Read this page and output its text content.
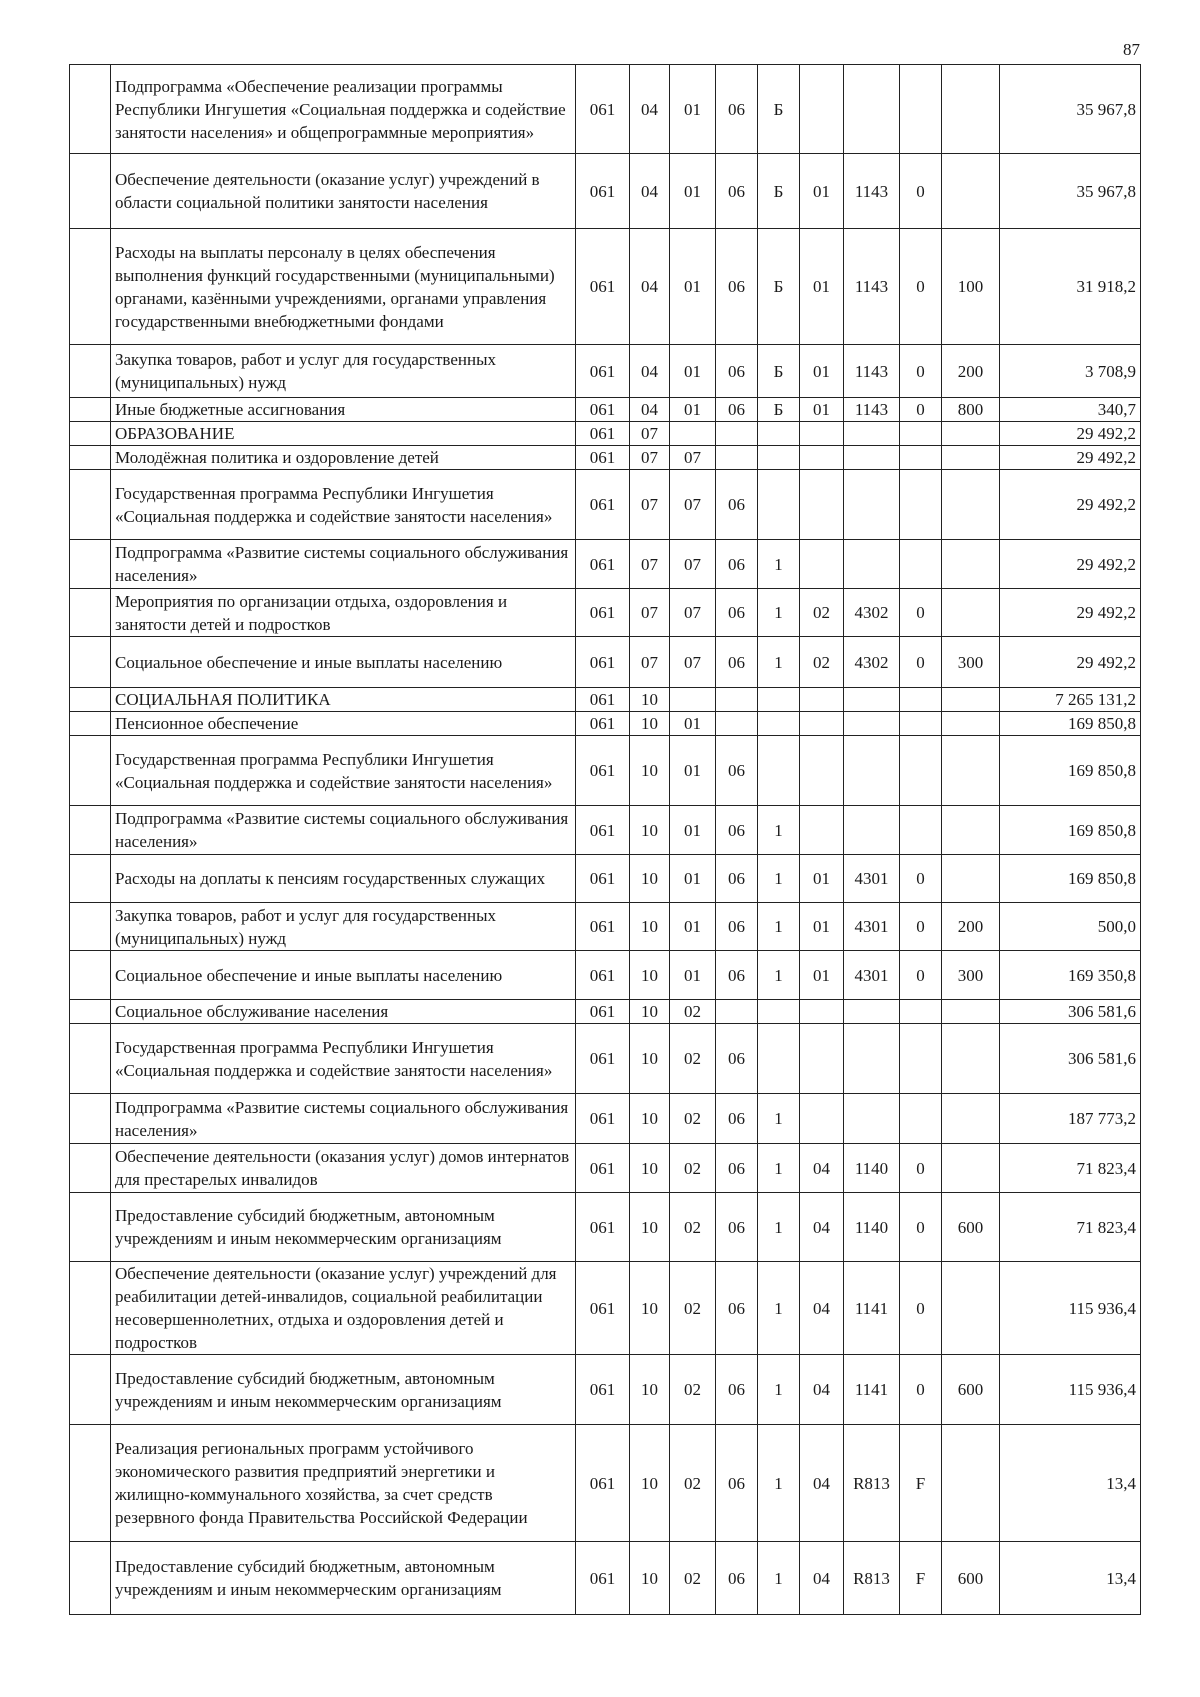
87
	Подпрограмма «Обеспечение реализации программы Республики Ингушетия «Социальная поддержка и содействие занятости населения» и общепрограммные мероприятия»	061	04	01	06	Б					35 967,8
	Обеспечение деятельности (оказание услуг) учреждений в области социальной политики занятости населения	061	04	01	06	Б	01	1143	0		35 967,8
	Расходы на выплаты персоналу в целях обеспечения выполнения функций государственными (муниципальными) органами, казёнными учреждениями, органами управления государственными внебюджетными фондами	061	04	01	06	Б	01	1143	0	100	31 918,2
	Закупка товаров, работ и услуг для государственных (муниципальных) нужд	061	04	01	06	Б	01	1143	0	200	3 708,9
	Иные бюджетные ассигнования	061	04	01	06	Б	01	1143	0	800	340,7
	ОБРАЗОВАНИЕ	061	07								29 492,2
	Молодёжная политика и оздоровление детей	061	07	07							29 492,2
	Государственная программа Республики Ингушетия «Социальная поддержка и содействие занятости населения»	061	07	07	06						29 492,2
	Подпрограмма «Развитие системы социального обслуживания населения»	061	07	07	06	1					29 492,2
	Мероприятия по организации отдыха, оздоровления и занятости детей и подростков	061	07	07	06	1	02	4302	0		29 492,2
	Социальное обеспечение и иные выплаты населению	061	07	07	06	1	02	4302	0	300	29 492,2
	СОЦИАЛЬНАЯ ПОЛИТИКА	061	10								7 265 131,2
	Пенсионное обеспечение	061	10	01							169 850,8
	Государственная программа Республики Ингушетия «Социальная поддержка и содействие занятости населения»	061	10	01	06						169 850,8
	Подпрограмма «Развитие системы социального обслуживания населения»	061	10	01	06	1					169 850,8
	Расходы на доплаты к пенсиям государственных служащих	061	10	01	06	1	01	4301	0		169 850,8
	Закупка товаров, работ и услуг для государственных (муниципальных) нужд	061	10	01	06	1	01	4301	0	200	500,0
	Социальное обеспечение и иные выплаты населению	061	10	01	06	1	01	4301	0	300	169 350,8
	Социальное обслуживание населения	061	10	02							306 581,6
	Государственная программа Республики Ингушетия «Социальная поддержка и содействие занятости населения»	061	10	02	06						306 581,6
	Подпрограмма «Развитие системы социального обслуживания населения»	061	10	02	06	1					187 773,2
	Обеспечение деятельности (оказания услуг) домов интернатов для престарелых инвалидов	061	10	02	06	1	04	1140	0		71 823,4
	Предоставление субсидий бюджетным, автономным учреждениям и иным некоммерческим организациям	061	10	02	06	1	04	1140	0	600	71 823,4
	Обеспечение деятельности (оказание услуг) учреждений для реабилитации детей-инвалидов, социальной реабилитации несовершеннолетних, отдыха и оздоровления детей и подростков	061	10	02	06	1	04	1141	0		115 936,4
	Предоставление субсидий бюджетным, автономным учреждениям и иным некоммерческим организациям	061	10	02	06	1	04	1141	0	600	115 936,4
	Реализация региональных программ устойчивого экономического развития предприятий энергетики и жилищно-коммунального хозяйства, за счет средств резервного фонда Правительства Российской Федерации	061	10	02	06	1	04	R813	F		13,4
	Предоставление субсидий бюджетным, автономным учреждениям и иным некоммерческим организациям	061	10	02	06	1	04	R813	F	600	13,4
